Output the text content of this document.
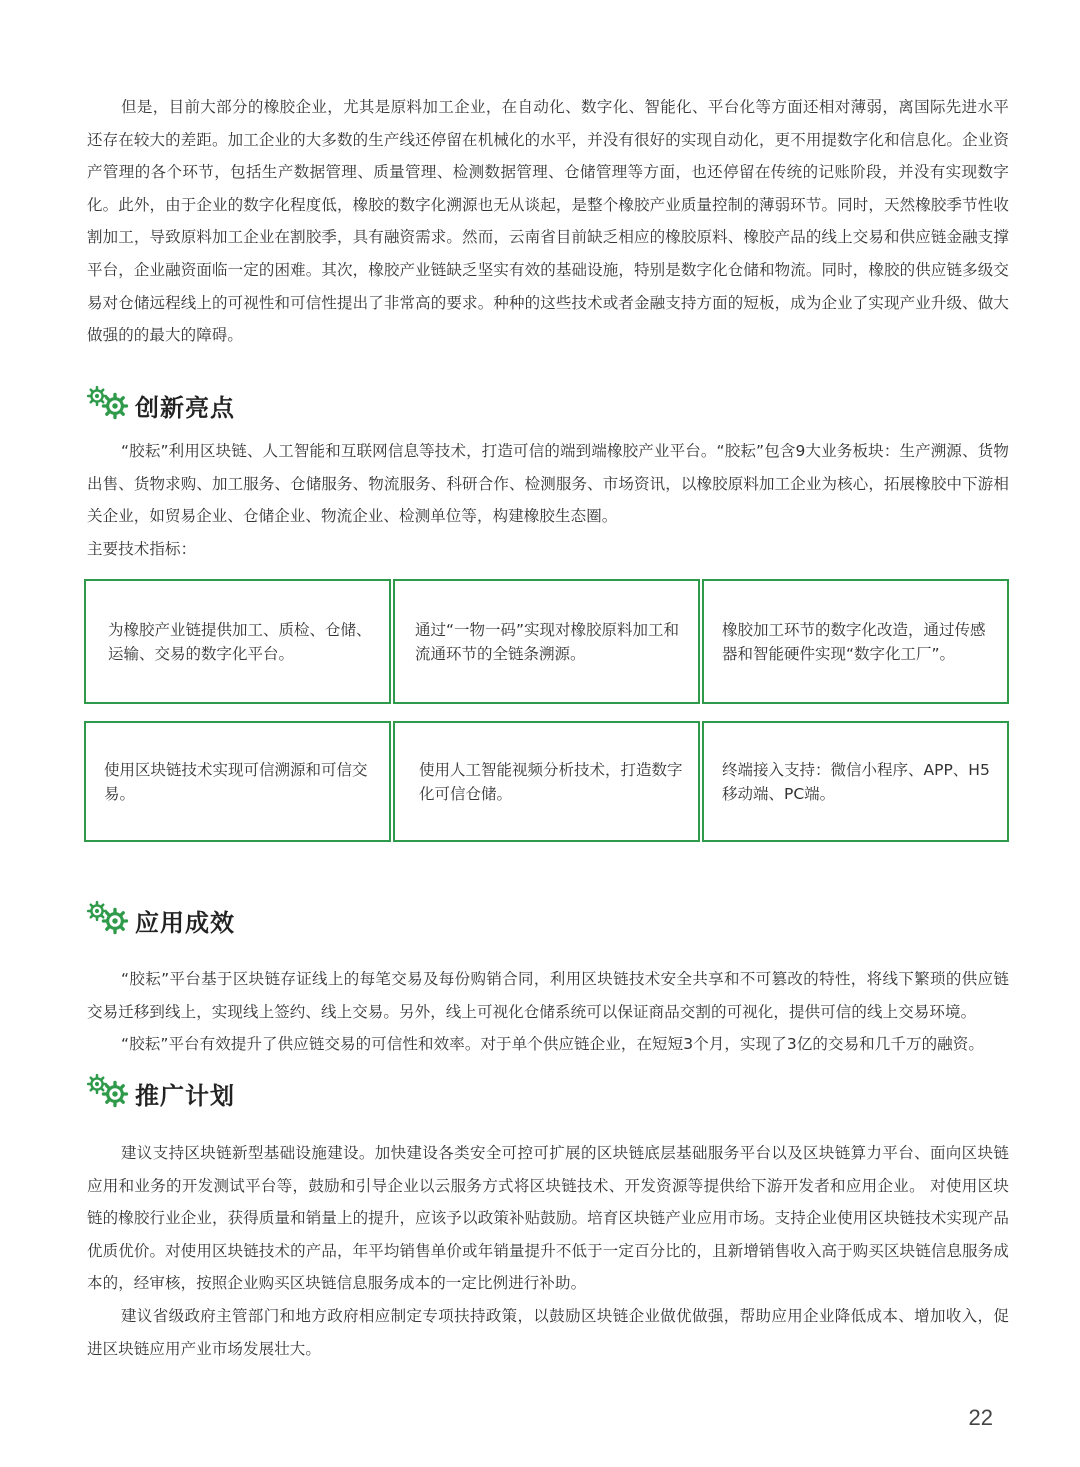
但是，目前大部分的橡胶企业，尤其是原料加工企业，在自动化、数字化、智能化、平台化等方面还相对薄弱，离国际先进水平还存在较大的差距。加工企业的大多数的生产线还停留在机械化的水平，并没有很好的实现自动化，更不用提数字化和信息化。企业资产管理的各个环节，包括生产数据管理、质量管理、检测数据管理、仓储管理等方面，也还停留在传统的记账阶段，并没有实现数字化。此外，由于企业的数字化程度低，橡胶的数字化溯源也无从谈起，是整个橡胶产业质量控制的薄弱环节。同时，天然橡胶季节性收割加工，导致原料加工企业在割胶季，具有融资需求。然而，云南省目前缺乏相应的橡胶原料、橡胶产品的线上交易和供应链金融支撑平台，企业融资面临一定的困难。其次，橡胶产业链缺乏坚实有效的基础设施，特别是数字化仓储和物流。同时，橡胶的供应链多级交易对仓储远程线上的可视性和可信性提出了非常高的要求。种种的这些技术或者金融支持方面的短板，成为企业了实现产业升级、做大做强的的最大的障碍。

创新亮点

“胶耘”利用区块链、人工智能和互联网信息等技术，打造可信的端到端橡胶产业平台。“胶耘”包含9大业务板块：生产溯源、货物出售、货物求购、加工服务、仓储服务、物流服务、科研合作、检测服务、市场资讯，以橡胶原料加工企业为核心，拓展橡胶中下游相关企业，如贸易企业、仓储企业、物流企业、检测单位等，构建橡胶生态圈。

主要技术指标：

为橡胶产业链提供加工、质检、仓储、运输、交易的数字化平台。
通过“一物一码”实现对橡胶原料加工和流通环节的全链条溯源。
橡胶加工环节的数字化改造，通过传感器和智能硬件实现“数字化工厂”。
使用区块链技术实现可信溯源和可信交易。
使用人工智能视频分析技术，打造数字化可信仓储。
终端接入支持：微信小程序、APP、H5移动端、PC端。
应用成效

“胶耘”平台基于区块链存证线上的每笔交易及每份购销合同，利用区块链技术安全共享和不可篡改的特性，将线下繁琐的供应链交易迁移到线上，实现线上签约、线上交易。另外，线上可视化仓储系统可以保证商品交割的可视化，提供可信的线上交易环境。

“胶耘”平台有效提升了供应链交易的可信性和效率。对于单个供应链企业，在短短3个月，实现了3亿的交易和几千万的融资。

推广计划

建议支持区块链新型基础设施建设。加快建设各类安全可控可扩展的区块链底层基础服务平台以及区块链算力平台、面向区块链应用和业务的开发测试平台等，鼓励和引导企业以云服务方式将区块链技术、开发资源等提供给下游开发者和应用企业。 对使用区块链的橡胶行业企业，获得质量和销量上的提升，应该予以政策补贴鼓励。培育区块链产业应用市场。支持企业使用区块链技术实现产品优质优价。对使用区块链技术的产品，年平均销售单价或年销量提升不低于一定百分比的，且新增销售收入高于购买区块链信息服务成本的，经审核，按照企业购买区块链信息服务成本的一定比例进行补助。

建议省级政府主管部门和地方政府相应制定专项扶持政策，以鼓励区块链企业做优做强，帮助应用企业降低成本、增加收入，促进区块链应用产业市场发展壮大。

22
